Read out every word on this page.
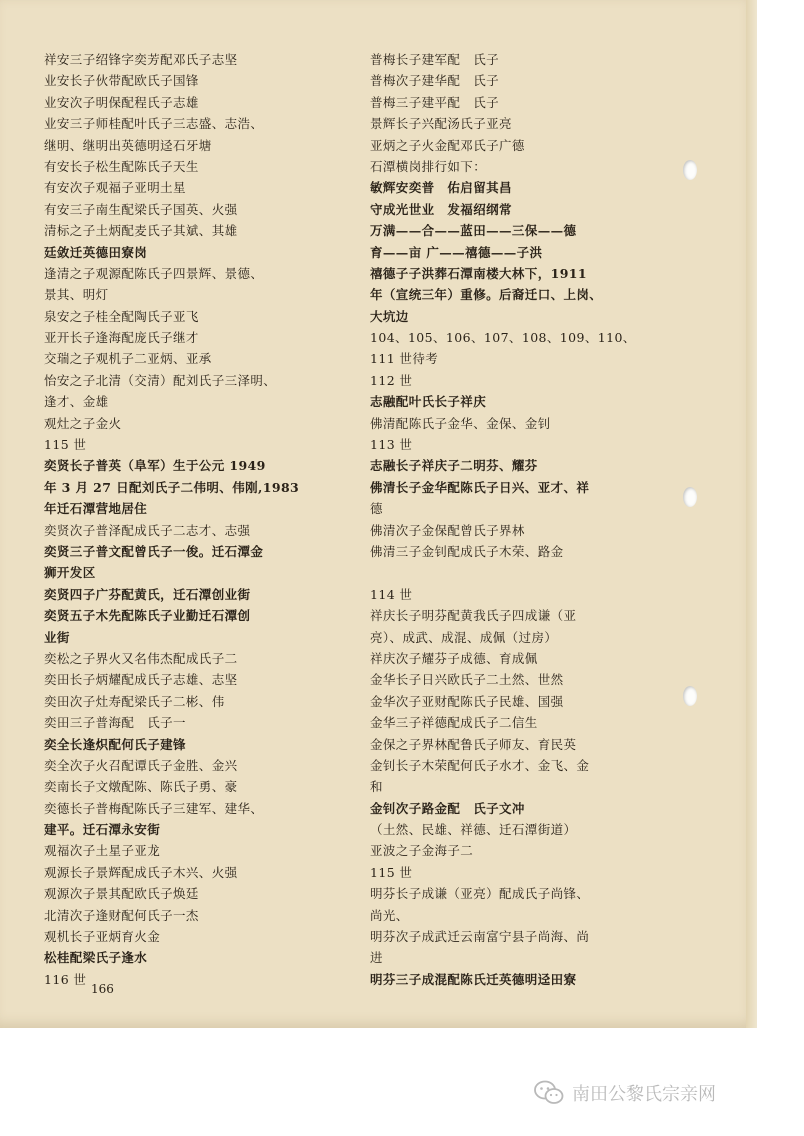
祥安三子绍锋字奕芳配邓氏子志坚
业安长子伙带配欧氏子国锋
业安次子明保配程氏子志雄
业安三子师桂配叶氏子三志盛、志浩、
继明、继明出英德明迳石牙塘
有安长子松生配陈氏子天生
有安次子观福子亚明土星
有安三子南生配梁氏子国英、火强
清标之子土炳配麦氏子其斌、其雄
廷敛迁英德田寮岗
逢清之子观源配陈氏子四景辉、景德、
景其、明灯
泉安之子桂全配陶氏子亚飞
亚开长子逢海配庞氏子继才
交瑞之子观机子二亚炳、亚承
怡安之子北清（交清）配刘氏子三泽明、
逢才、金雄
观灶之子金火
115 世
奕贤长子普英（阜军）生于公元 1949
年 3 月 27 日配刘氏子二伟明、伟刚,1983
年迁石潭营地居住
奕贤次子普泽配成氏子二志才、志强
奕贤三子普文配曾氏子一俊。迁石潭金
狮开发区
奕贤四子广芬配黄氏，迁石潭创业街
奕贤五子木先配陈氏子业勤迁石潭创
业街
奕松之子界火又名伟杰配成氏子二
奕田长子炳耀配成氏子志雄、志坚
奕田次子灶寿配梁氏子二彬、伟
奕田三子普海配　氏子一
奕全长逢炽配何氏子建锋
奕全次子火召配谭氏子金胜、金兴
奕南长子文燉配陈、陈氏子勇、豪
奕德长子普梅配陈氏子三建军、建华、
建平。迁石潭永安街
观福次子土星子亚龙
观源长子景辉配成氏子木兴、火强
观源次子景其配欧氏子焕廷
北清次子逢财配何氏子一杰
观机长子亚炳育火金
松桂配梁氏子逢水
116 世
普梅长子建军配　氏子
普梅次子建华配　氏子
普梅三子建平配　氏子
景辉长子兴配汤氏子亚亮
亚炳之子火金配邓氏子广德
石潭横岗排行如下：
敏辉安奕普　佑启留其昌
守成光世业　发福绍纲常
万满——合——蓝田——三保——德
育——亩 广——禧德——子洪
禧德子子洪葬石潭南楼大林下，1911
年（宣统三年）重修。后裔迁口、上岗、
大坑边
104、105、106、107、108、109、110、
111 世待考
112 世
志融配叶氏长子祥庆
佛清配陈氏子金华、金保、金钊
113 世
志融长子祥庆子二明芬、耀芬
佛清长子金华配陈氏子日兴、亚才、祥
德
佛清次子金保配曾氏子界林
佛清三子金钊配成氏子木荣、路金
114 世
祥庆长子明芬配黄我氏子四成谦（亚
亮）、成武、成混、成佩（过房）
祥庆次子耀芬子成德、育成佩
金华长子日兴欧氏子二土然、世然
金华次子亚财配陈氏子民雄、国强
金华三子祥德配成氏子二信生
金保之子界林配鲁氏子师友、育民英
金钊长子木荣配何氏子水才、金飞、金
和
金钊次子路金配　氏子文冲
（土然、民雄、祥德、迁石潭街道）
亚波之子金海子二
115 世
明芬长子成谦（亚亮）配成氏子尚锋、
尚光、
明芬次子成武迁云南富宁县子尚海、尚
进
明芬三子成混配陈氏迁英德明迳田寮
166
南田公黎氏宗亲网
